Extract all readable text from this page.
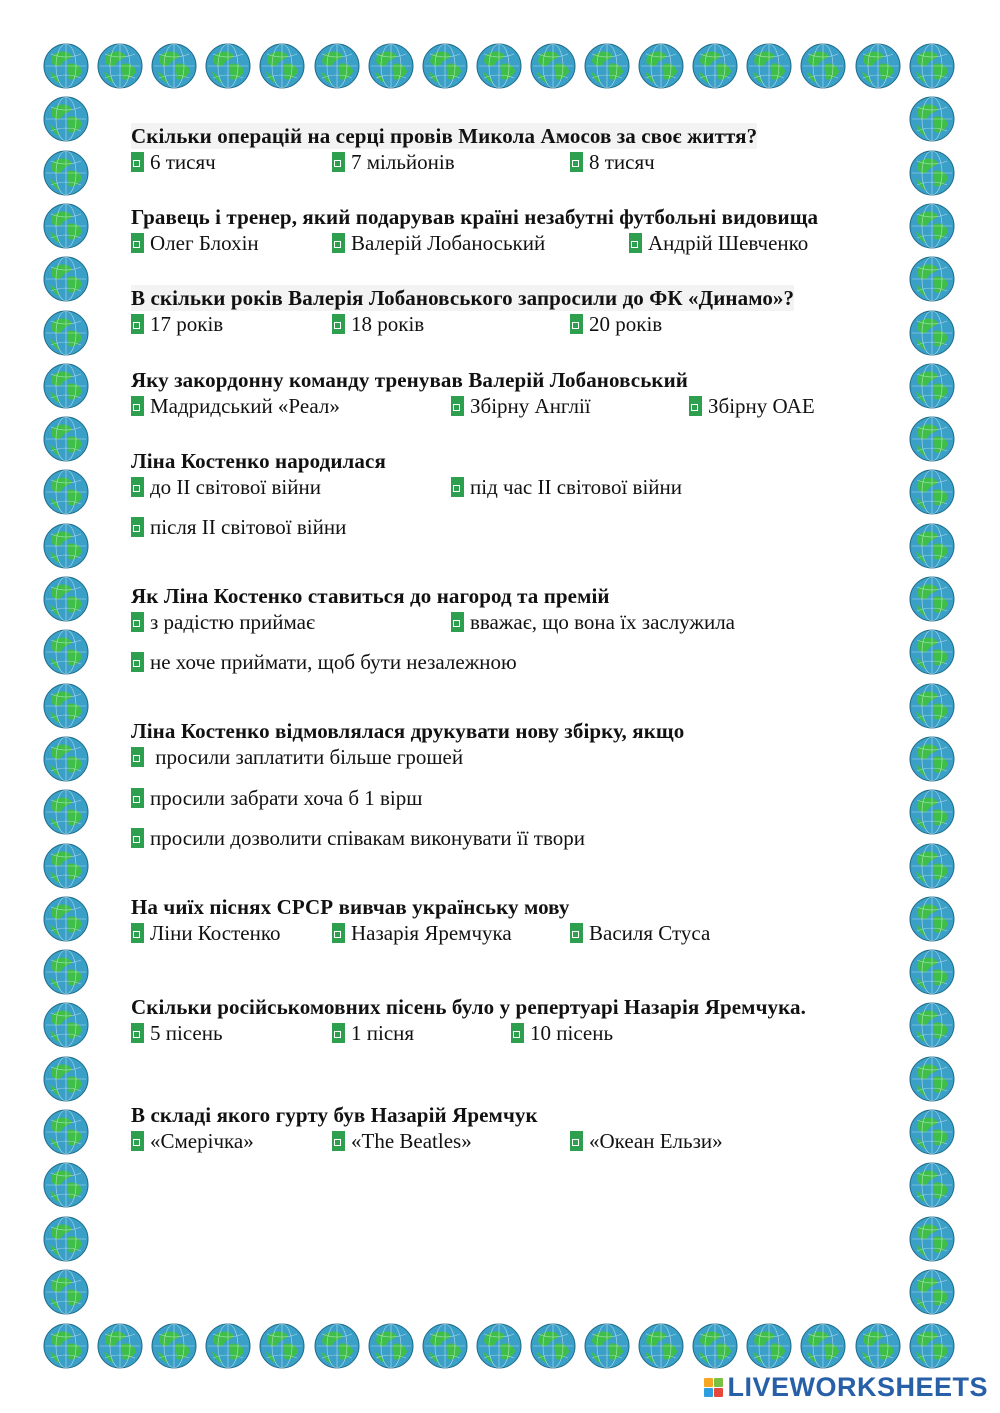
Скільки операцій на серці провів Микола Амосов за своє життя?
6 тисяч	7 мільйонів	8 тисяч
Гравець і тренер, який подарував країні незабутні футбольні видовища
Олег Блохін	Валерій Лобаноський	Андрій Шевченко
В скільки років Валерія Лобановського запросили до ФК «Динамо»?
17 років	18 років	20 років
Яку закордонну команду тренував Валерій Лобановський
Мадридський «Реал»	Збірну Англії	Збірну ОАЕ
Ліна Костенко народилася
до ІІ світової війни	під час ІІ світової війни
після ІІ світової війни
Як Ліна Костенко ставиться до нагород та премій
з радістю приймає	вважає, що вона їх заслужила
не хоче приймати, щоб бути незалежною
Ліна Костенко відмовлялася друкувати нову збірку, якщо
просили заплатити більше грошей
просили забрати хоча б 1 вірш
просили дозволити співакам виконувати її твори
На чиїх піснях СРСР вивчав українську мову
Ліни Костенко	Назарія Яремчука	Василя Стуса
Скільки російськомовних пісень було у репертуарі Назарія Яремчука.
5 пісень	1 пісня	10 пісень
В складі якого гурту був Назарій Яремчук
«Смерічка»	«The Beatles»	«Океан Ельзи»
LIVEWORKSHEETS
